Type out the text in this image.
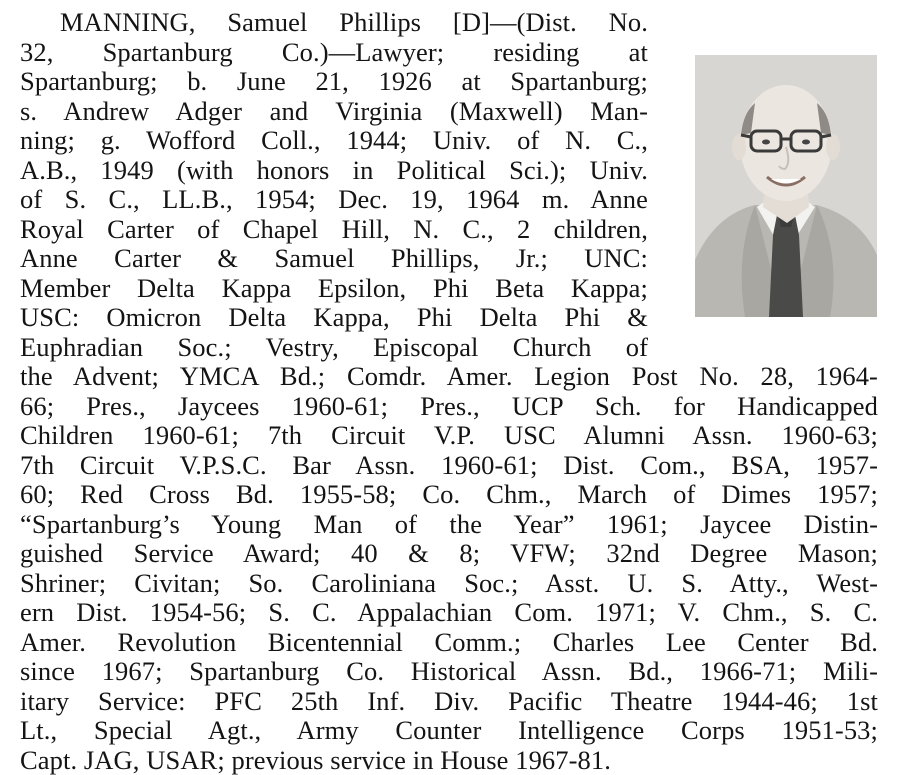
MANNING, Samuel Phillips [D]—(Dist. No.
32, Spartanburg Co.)—Lawyer; residing at
Spartanburg; b. June 21, 1926 at Spartanburg;
s. Andrew Adger and Virginia (Maxwell) Man-
ning; g. Wofford Coll., 1944; Univ. of N. C.,
A.B., 1949 (with honors in Political Sci.); Univ.
of S. C., LL.B., 1954; Dec. 19, 1964 m. Anne
Royal Carter of Chapel Hill, N. C., 2 children,
Anne Carter & Samuel Phillips, Jr.; UNC:
Member Delta Kappa Epsilon, Phi Beta Kappa;
USC: Omicron Delta Kappa, Phi Delta Phi &
Euphradian Soc.; Vestry, Episcopal Church of
the Advent; YMCA Bd.; Comdr. Amer. Legion Post No. 28, 1964-
66; Pres., Jaycees 1960-61; Pres., UCP Sch. for Handicapped
Children 1960-61; 7th Circuit V.P. USC Alumni Assn. 1960-63;
7th Circuit V.P.S.C. Bar Assn. 1960-61; Dist. Com., BSA, 1957-
60; Red Cross Bd. 1955-58; Co. Chm., March of Dimes 1957;
“Spartanburg’s Young Man of the Year” 1961; Jaycee Distin-
guished Service Award; 40 & 8; VFW; 32nd Degree Mason;
Shriner; Civitan; So. Caroliniana Soc.; Asst. U. S. Atty., West-
ern Dist. 1954-56; S. C. Appalachian Com. 1971; V. Chm., S. C.
Amer. Revolution Bicentennial Comm.; Charles Lee Center Bd.
since 1967; Spartanburg Co. Historical Assn. Bd., 1966-71; Mili-
itary Service: PFC 25th Inf. Div. Pacific Theatre 1944-46; 1st
Lt., Special Agt., Army Counter Intelligence Corps 1951-53;
Capt. JAG, USAR; previous service in House 1967-81.
